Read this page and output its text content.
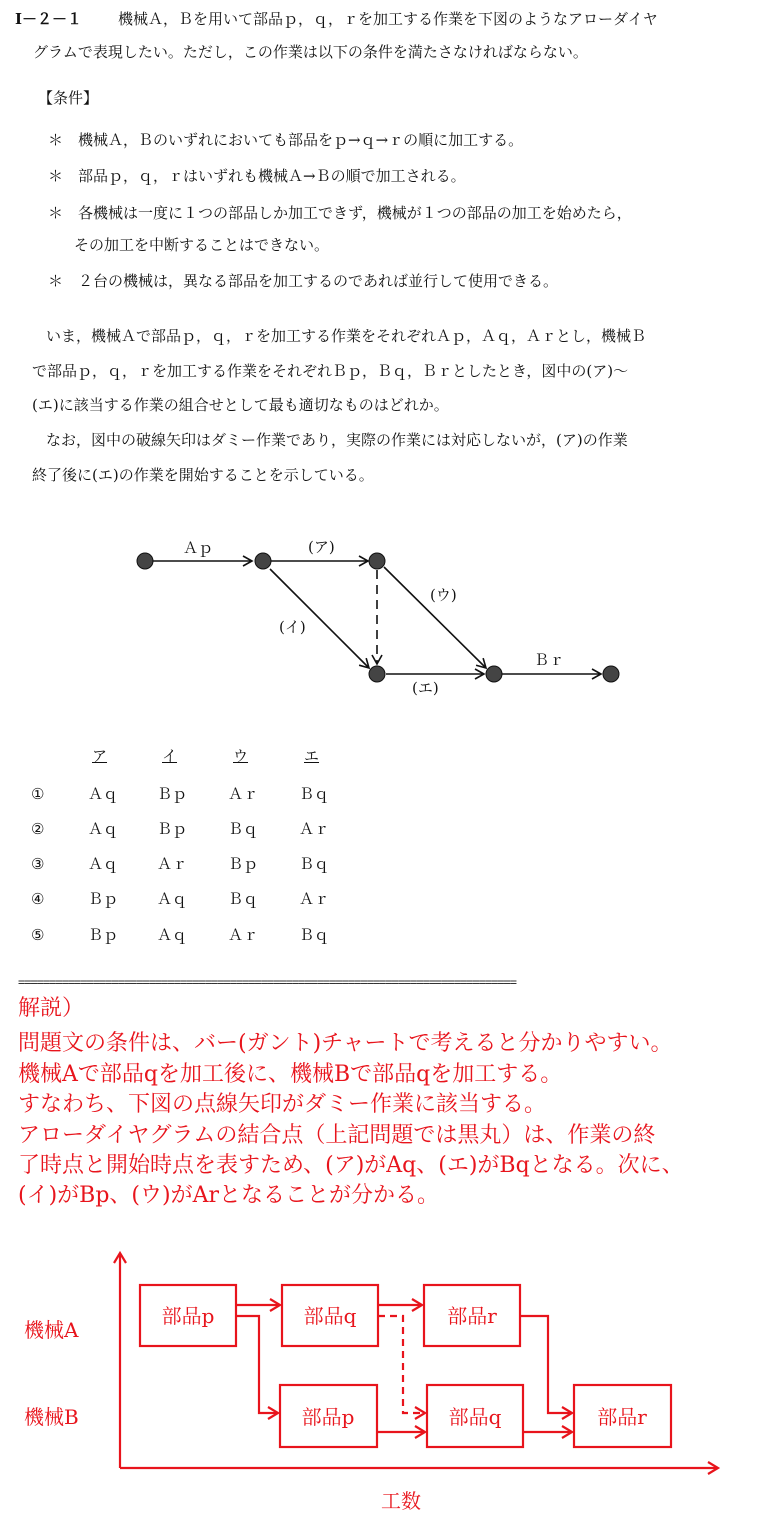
Ⅰ－２－１ 機械Ａ，Ｂを用いて部品ｐ，ｑ，ｒを加工する作業を下図のようなアローダイヤ
グラムで表現したい。ただし，この作業は以下の条件を満たさなければならない。
【条件】
＊　機械Ａ，Ｂのいずれにおいても部品をｐ→ｑ→ｒの順に加工する。
＊　部品ｐ，ｑ，ｒはいずれも機械Ａ→Ｂの順で加工される。
＊　各機械は一度に１つの部品しか加工できず，機械が１つの部品の加工を始めたら，
その加工を中断することはできない。
＊　２台の機械は，異なる部品を加工するのであれば並行して使用できる。
いま，機械Ａで部品ｐ，ｑ，ｒを加工する作業をそれぞれＡｐ，Ａｑ，Ａｒとし，機械Ｂ
で部品ｐ，ｑ，ｒを加工する作業をそれぞれＢｐ，Ｂｑ，Ｂｒとしたとき，図中の(ア)～
(エ)に該当する作業の組合せとして最も適切なものはどれか。
なお，図中の破線矢印はダミー作業であり，実際の作業には対応しないが，(ア)の作業
終了後に(エ)の作業を開始することを示している。
Ａｐ	(ア)
(イ)
(ウ)
(エ)
Ｂｒ
ア	イ	ウ	エ
①	Ａｑ	Ｂｐ	Ａｒ	Ｂｑ
②	Ａｑ	Ｂｐ	Ｂｑ	Ａｒ
③	Ａｑ	Ａｒ	Ｂｐ	Ｂｑ
④	Ｂｐ	Ａｑ	Ｂｑ	Ａｒ
⑤	Ｂｐ	Ａｑ	Ａｒ	Ｂｑ
================================================================================
解説）
問題文の条件は、バー(ガント)チャートで考えると分かりやすい。
機械Aで部品qを加工後に、機械Bで部品qを加工する。
すなわち、下図の点線矢印がダミー作業に該当する。
アローダイヤグラムの結合点（上記問題では黒丸）は、作業の終
了時点と開始時点を表すため、(ア)がAq、(エ)がBqとなる。次に、
(イ)がBp、(ウ)がArとなることが分かる。
機械A
機械B
部品p	部品q	部品r
部品p	部品q	部品r
工数
